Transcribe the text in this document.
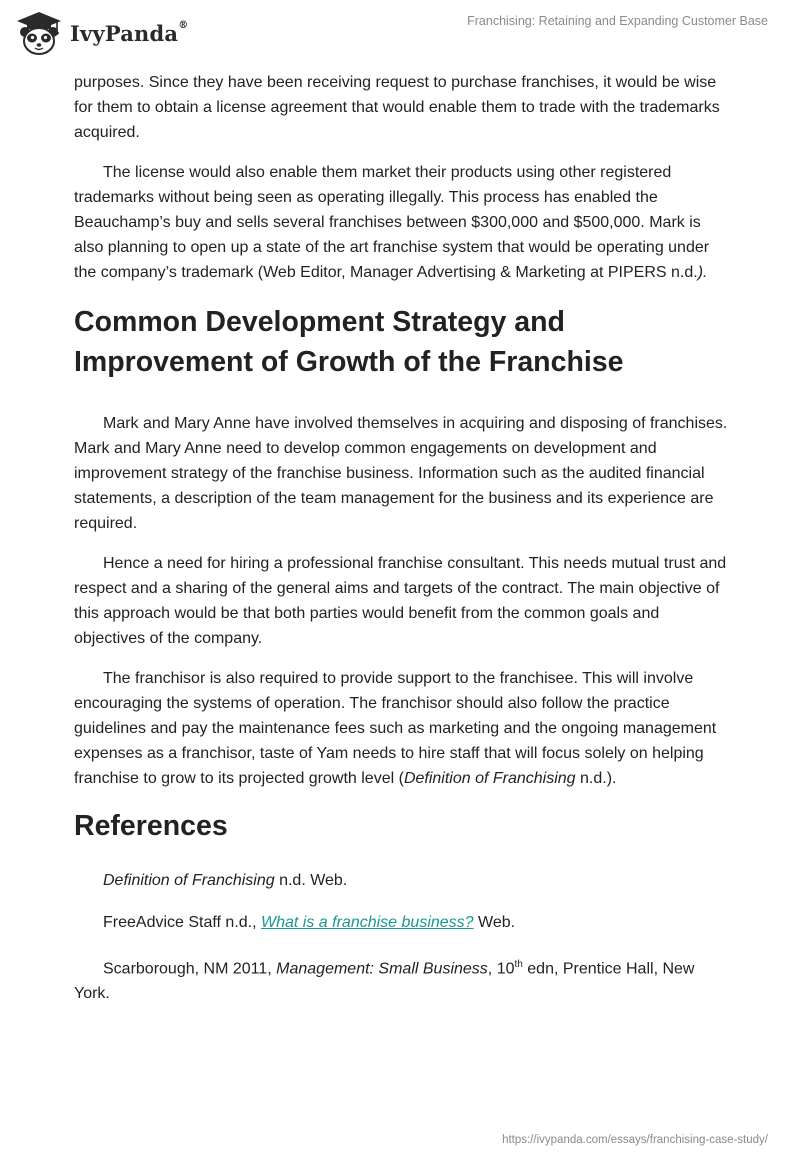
IvyPanda®	Franchising: Retaining and Expanding Customer Base

purposes. Since they have been receiving request to purchase franchises, it would be wise for them to obtain a license agreement that would enable them to trade with the trademarks acquired.

The license would also enable them market their products using other registered trademarks without being seen as operating illegally. This process has enabled the Beauchamp’s buy and sells several franchises between $300,000 and $500,000. Mark is also planning to open up a state of the art franchise system that would be operating under the company’s trademark (Web Editor, Manager Advertising & Marketing at PIPERS n.d.).

Common Development Strategy and Improvement of Growth of the Franchise

Mark and Mary Anne have involved themselves in acquiring and disposing of franchises. Mark and Mary Anne need to develop common engagements on development and improvement strategy of the franchise business. Information such as the audited financial statements, a description of the team management for the business and its experience are required.

Hence a need for hiring a professional franchise consultant. This needs mutual trust and respect and a sharing of the general aims and targets of the contract. The main objective of this approach would be that both parties would benefit from the common goals and objectives of the company.

The franchisor is also required to provide support to the franchisee. This will involve encouraging the systems of operation. The franchisor should also follow the practice guidelines and pay the maintenance fees such as marketing and the ongoing management expenses as a franchisor, taste of Yam needs to hire staff that will focus solely on helping franchise to grow to its projected growth level (Definition of Franchising n.d.).

References
Definition of Franchising n.d. Web.
FreeAdvice Staff n.d., What is a franchise business? Web.
Scarborough, NM 2011, Management: Small Business, 10th edn, Prentice Hall, New York.
https://ivypanda.com/essays/franchising-case-study/
